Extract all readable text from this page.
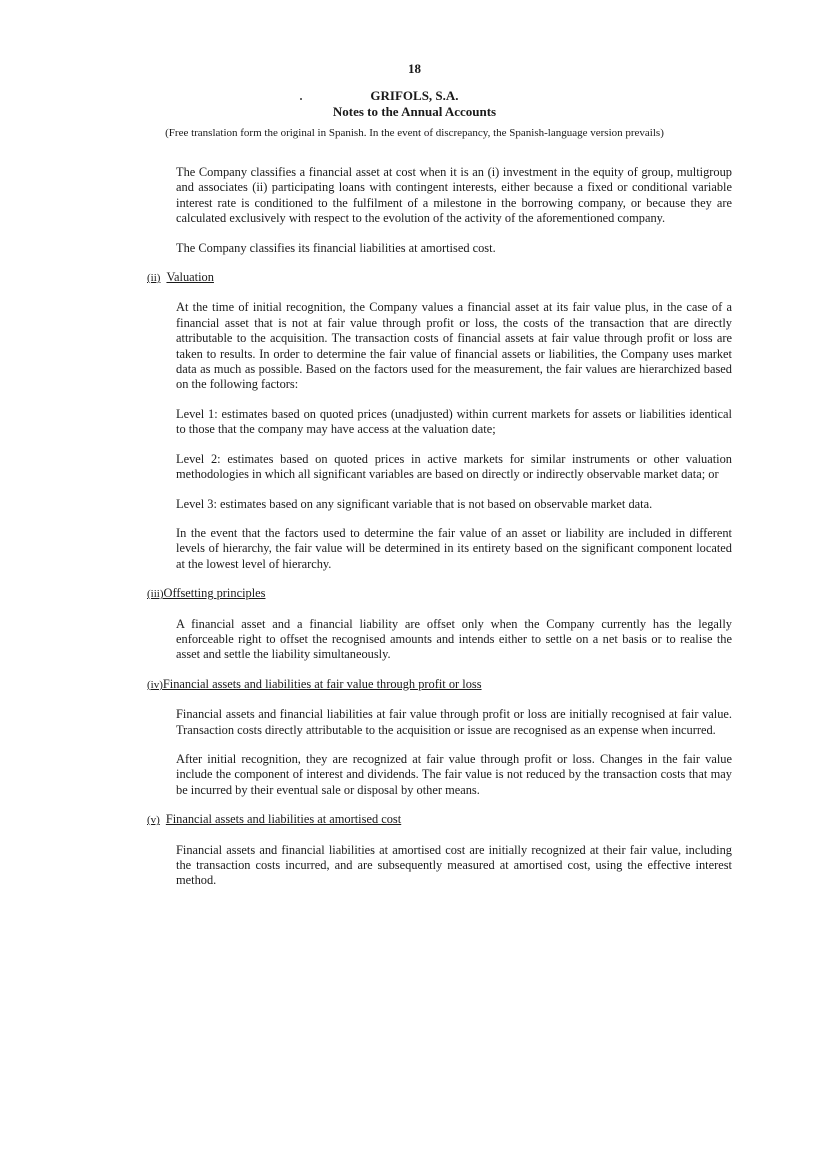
18
GRIFOLS, S.A.
Notes to the Annual Accounts
(Free translation form the original in Spanish. In the event of discrepancy, the Spanish-language version prevails)

The Company classifies a financial asset at cost when it is an (i) investment in the equity of group, multigroup and associates (ii) participating loans with contingent interests, either because a fixed or conditional variable interest rate is conditioned to the fulfilment of a milestone in the borrowing company, or because they are calculated exclusively with respect to the evolution of the activity of the aforementioned company.

The Company classifies its financial liabilities at amortised cost.

(ii) Valuation

At the time of initial recognition, the Company values a financial asset at its fair value plus, in the case of a financial asset that is not at fair value through profit or loss, the costs of the transaction that are directly attributable to the acquisition. The transaction costs of financial assets at fair value through profit or loss are taken to results. In order to determine the fair value of financial assets or liabilities, the Company uses market data as much as possible. Based on the factors used for the measurement, the fair values are hierarchized based on the following factors:

Level 1: estimates based on quoted prices (unadjusted) within current markets for assets or liabilities identical to those that the company may have access at the valuation date;

Level 2: estimates based on quoted prices in active markets for similar instruments or other valuation methodologies in which all significant variables are based on directly or indirectly observable market data; or

Level 3: estimates based on any significant variable that is not based on observable market data.

In the event that the factors used to determine the fair value of an asset or liability are included in different levels of hierarchy, the fair value will be determined in its entirety based on the significant component located at the lowest level of hierarchy.

(iii)Offsetting principles

A financial asset and a financial liability are offset only when the Company currently has the legally enforceable right to offset the recognised amounts and intends either to settle on a net basis or to realise the asset and settle the liability simultaneously.

(iv)Financial assets and liabilities at fair value through profit or loss

Financial assets and financial liabilities at fair value through profit or loss are initially recognised at fair value. Transaction costs directly attributable to the acquisition or issue are recognised as an expense when incurred.

After initial recognition, they are recognized at fair value through profit or loss. Changes in the fair value include the component of interest and dividends. The fair value is not reduced by the transaction costs that may be incurred by their eventual sale or disposal by other means.

(v) Financial assets and liabilities at amortised cost

Financial assets and financial liabilities at amortised cost are initially recognized at their fair value, including the transaction costs incurred, and are subsequently measured at amortised cost, using the effective interest method.
